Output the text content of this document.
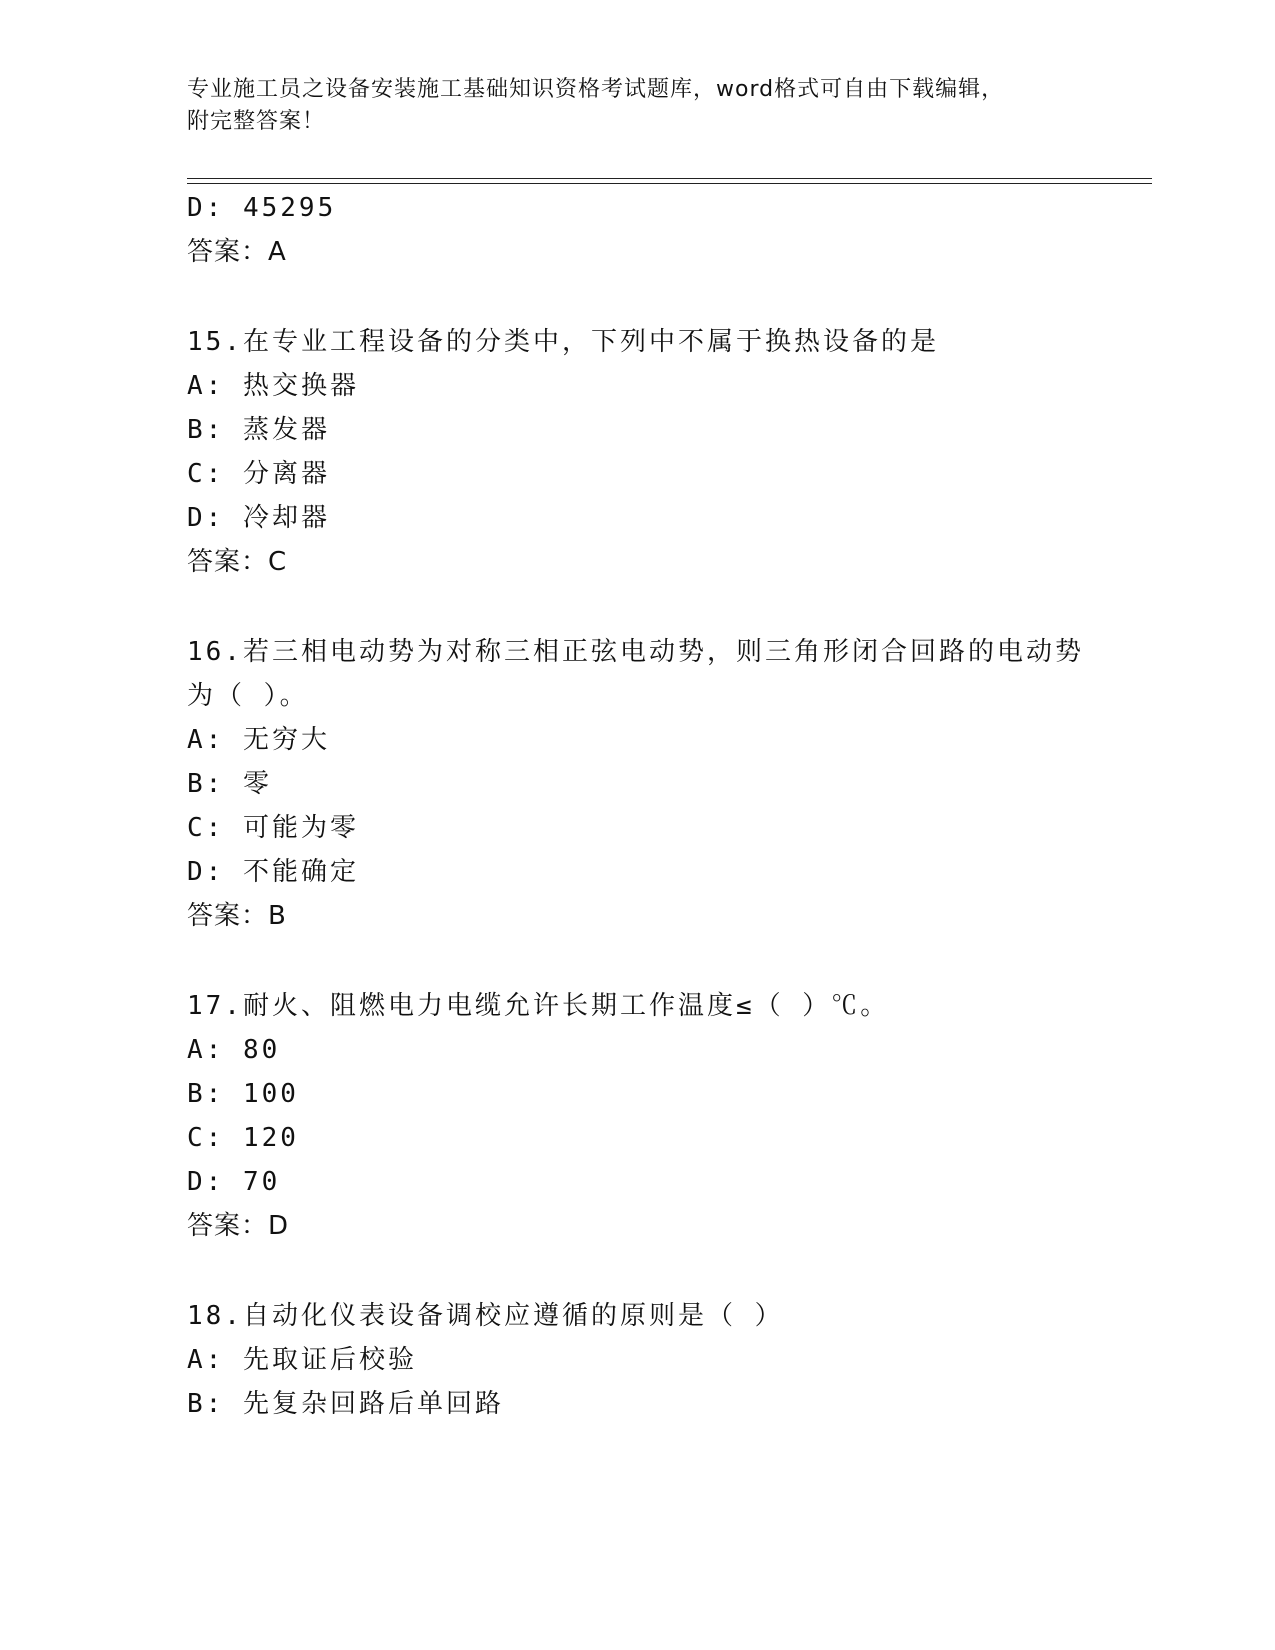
专业施工员之设备安装施工基础知识资格考试题库，word格式可自由下载编辑，
附完整答案！
D: 45295
答案：A
15.在专业工程设备的分类中，下列中不属于换热设备的是
A: 热交换器
B: 蒸发器
C: 分离器
D: 冷却器
答案：C
16.若三相电动势为对称三相正弦电动势，则三角形闭合回路的电动势
为（ ）。
A: 无穷大
B: 零
C: 可能为零
D: 不能确定
答案：B
17.耐火、阻燃电力电缆允许长期工作温度≤（ ）℃。
A: 80
B: 100
C: 120
D: 70
答案：D
18.自动化仪表设备调校应遵循的原则是（ ）
A: 先取证后校验
B: 先复杂回路后单回路
